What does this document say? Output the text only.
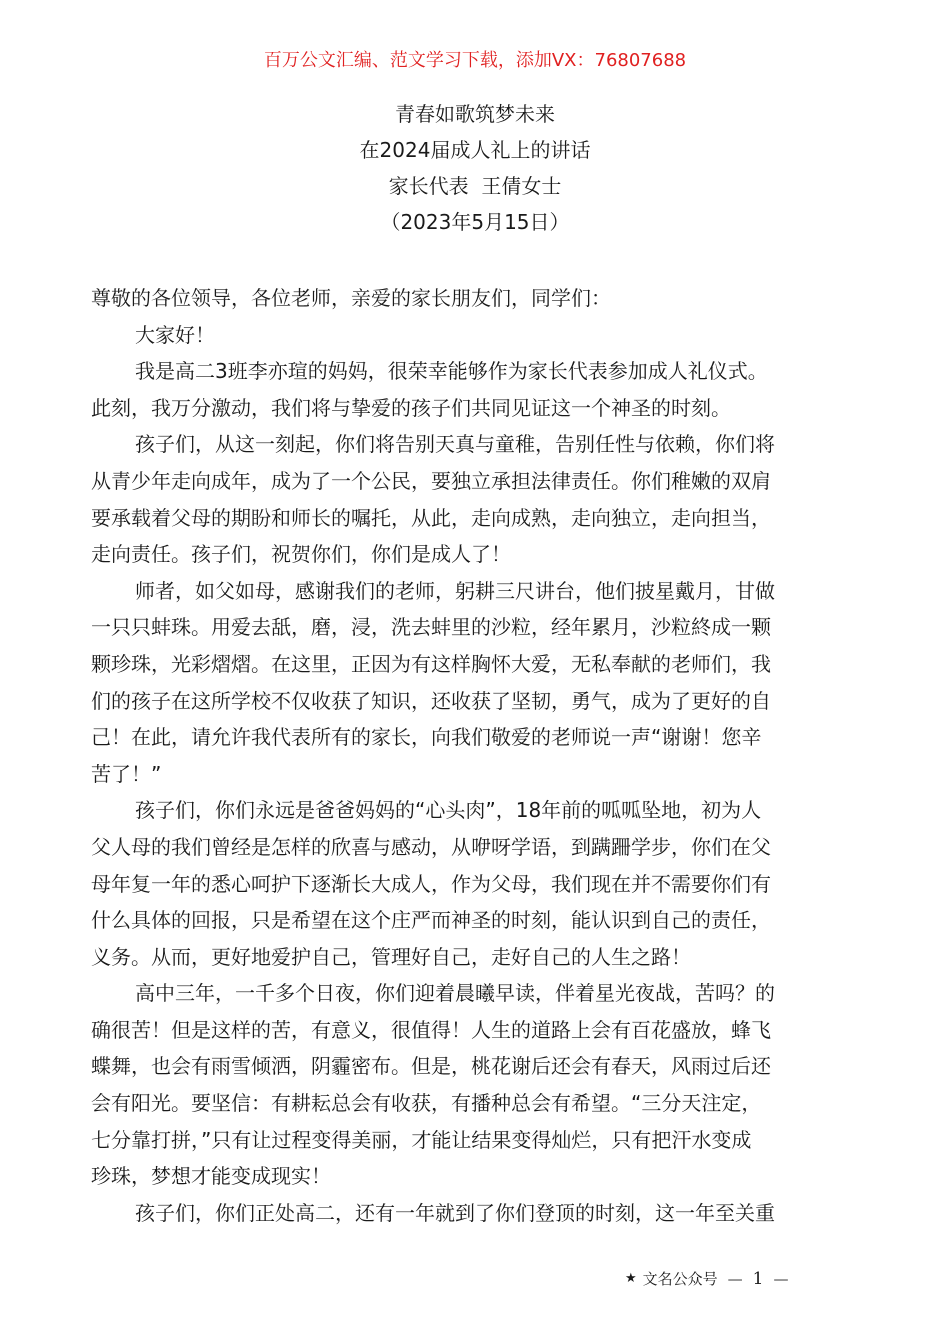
百万公文汇编、范文学习下载，添加VX：76807688
青春如歌筑梦未来
在2024届成人礼上的讲话
家长代表  王倩女士
（2023年5月15日）
尊敬的各位领导，各位老师，亲爱的家长朋友们，同学们：
大家好！
我是高二3班李亦瑄的妈妈，很荣幸能够作为家长代表参加成人礼仪式。
此刻，我万分激动，我们将与挚爱的孩子们共同见证这一个神圣的时刻。
孩子们，从这一刻起，你们将告别天真与童稚，告别任性与依赖，你们将
从青少年走向成年，成为了一个公民，要独立承担法律责任。你们稚嫩的双肩
要承载着父母的期盼和师长的嘱托，从此，走向成熟，走向独立，走向担当，
走向责任。孩子们，祝贺你们，你们是成人了！
师者，如父如母，感谢我们的老师，躬耕三尺讲台，他们披星戴月，甘做
一只只蚌珠。用爱去舐，磨，浸，洗去蚌里的沙粒，经年累月，沙粒終成一颗
颗珍珠，光彩熠熠。在这里，正因为有这样胸怀大爱，无私奉献的老师们，我
们的孩子在这所学校不仅收获了知识，还收获了坚韧，勇气，成为了更好的自
己！在此，请允许我代表所有的家长，向我们敬爱的老师说一声“谢谢！您辛
苦了！”
孩子们，你们永远是爸爸妈妈的“心头肉”，18年前的呱呱坠地，初为人
父人母的我们曾经是怎样的欣喜与感动，从咿呀学语，到蹒跚学步，你们在父
母年复一年的悉心呵护下逐渐长大成人，作为父母，我们现在并不需要你们有
什么具体的回报，只是希望在这个庄严而神圣的时刻，能认识到自己的责任，
义务。从而，更好地爱护自己，管理好自己，走好自己的人生之路！
高中三年，一千多个日夜，你们迎着晨曦早读，伴着星光夜战，苦吗？的
确很苦！但是这样的苦，有意义，很值得！人生的道路上会有百花盛放，蜂飞
蝶舞，也会有雨雪倾洒，阴霾密布。但是，桃花谢后还会有春天，风雨过后还
会有阳光。要坚信：有耕耘总会有收获，有播种总会有希望。“三分天注定，
七分靠打拼，”只有让过程变得美丽，才能让结果变得灿烂，只有把汗水变成
珍珠，梦想才能变成现实！
孩子们，你们正处高二，还有一年就到了你们登顶的时刻，这一年至关重
★ 文名公众号 — 1 —
